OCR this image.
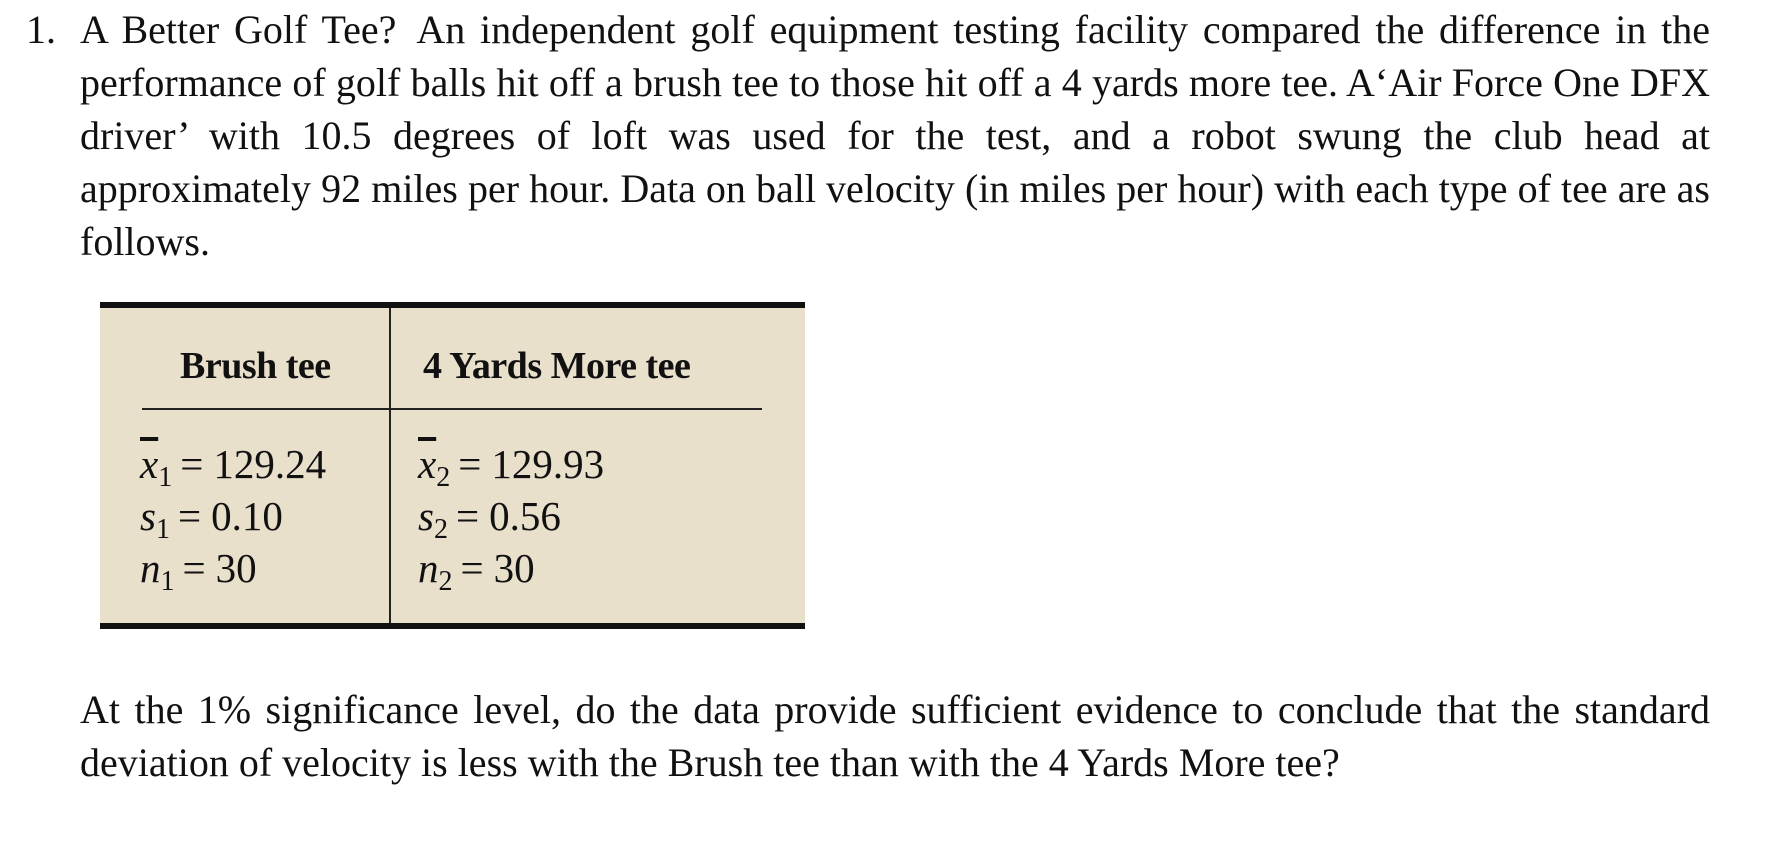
1. A Better Golf Tee? An independent golf equipment testing facility compared the difference in the performance of golf balls hit off a brush tee to those hit off a 4 yards more tee. A‘Air Force One DFX driver’ with 10.5 degrees of loft was used for the test, and a robot swung the club head at approximately 92 miles per hour. Data on ball velocity (in miles per hour) with each type of tee are as follows.
Brush tee 4 Yards More tee
$\overline{x}_1 = 129.24$
$s_1 = 0.10$
$n_1 = 30$
$\overline{x}_2 = 129.93$
$s_2 = 0.56$
$n_2 = 30$
At the 1% significance level, do the data provide sufficient evidence to conclude that the standard deviation of velocity is less with the Brush tee than with the 4 Yards More tee?
